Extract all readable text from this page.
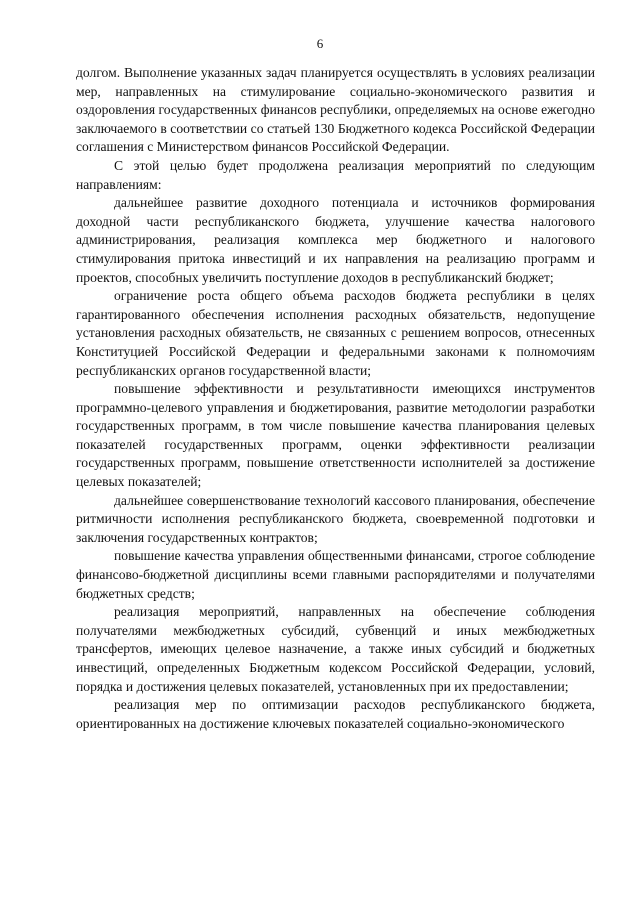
6

долгом. Выполнение указанных задач планируется осуществлять в условиях реализации мер, направленных на стимулирование социально-экономического развития и оздоровления государственных финансов республики, определяемых на основе ежегодно заключаемого в соответствии со статьей 130 Бюджетного кодекса Российской Федерации соглашения с Министерством финансов Российской Федерации.

С этой целью будет продолжена реализация мероприятий по следующим направлениям:

дальнейшее развитие доходного потенциала и источников формирования доходной части республиканского бюджета, улучшение качества налогового администрирования, реализация комплекса мер бюджетного и налогового стимулирования притока инвестиций и их направления на реализацию программ и проектов, способных увеличить поступление доходов в республиканский бюджет;

ограничение роста общего объема расходов бюджета республики в целях гарантированного обеспечения исполнения расходных обязательств, недопущение установления расходных обязательств, не связанных с решением вопросов, отнесенных Конституцией Российской Федерации и федеральными законами к полномочиям республиканских органов государственной власти;

повышение эффективности и результативности имеющихся инструментов программно-целевого управления и бюджетирования, развитие методологии разработки государственных программ, в том числе повышение качества планирования целевых показателей государственных программ, оценки эффективности реализации государственных программ, повышение ответственности исполнителей за достижение целевых показателей;

дальнейшее совершенствование технологий кассового планирования, обеспечение ритмичности исполнения республиканского бюджета, своевременной подготовки и заключения государственных контрактов;

повышение качества управления общественными финансами, строгое соблюдение финансово-бюджетной дисциплины всеми главными распорядителями и получателями бюджетных средств;

реализация мероприятий, направленных на обеспечение соблюдения получателями межбюджетных субсидий, субвенций и иных межбюджетных трансфертов, имеющих целевое назначение, а также иных субсидий и бюджетных инвестиций, определенных Бюджетным кодексом Российской Федерации, условий, порядка и достижения целевых показателей, установленных при их предоставлении;

реализация мер по оптимизации расходов республиканского бюджета, ориентированных на достижение ключевых показателей социально-экономического
